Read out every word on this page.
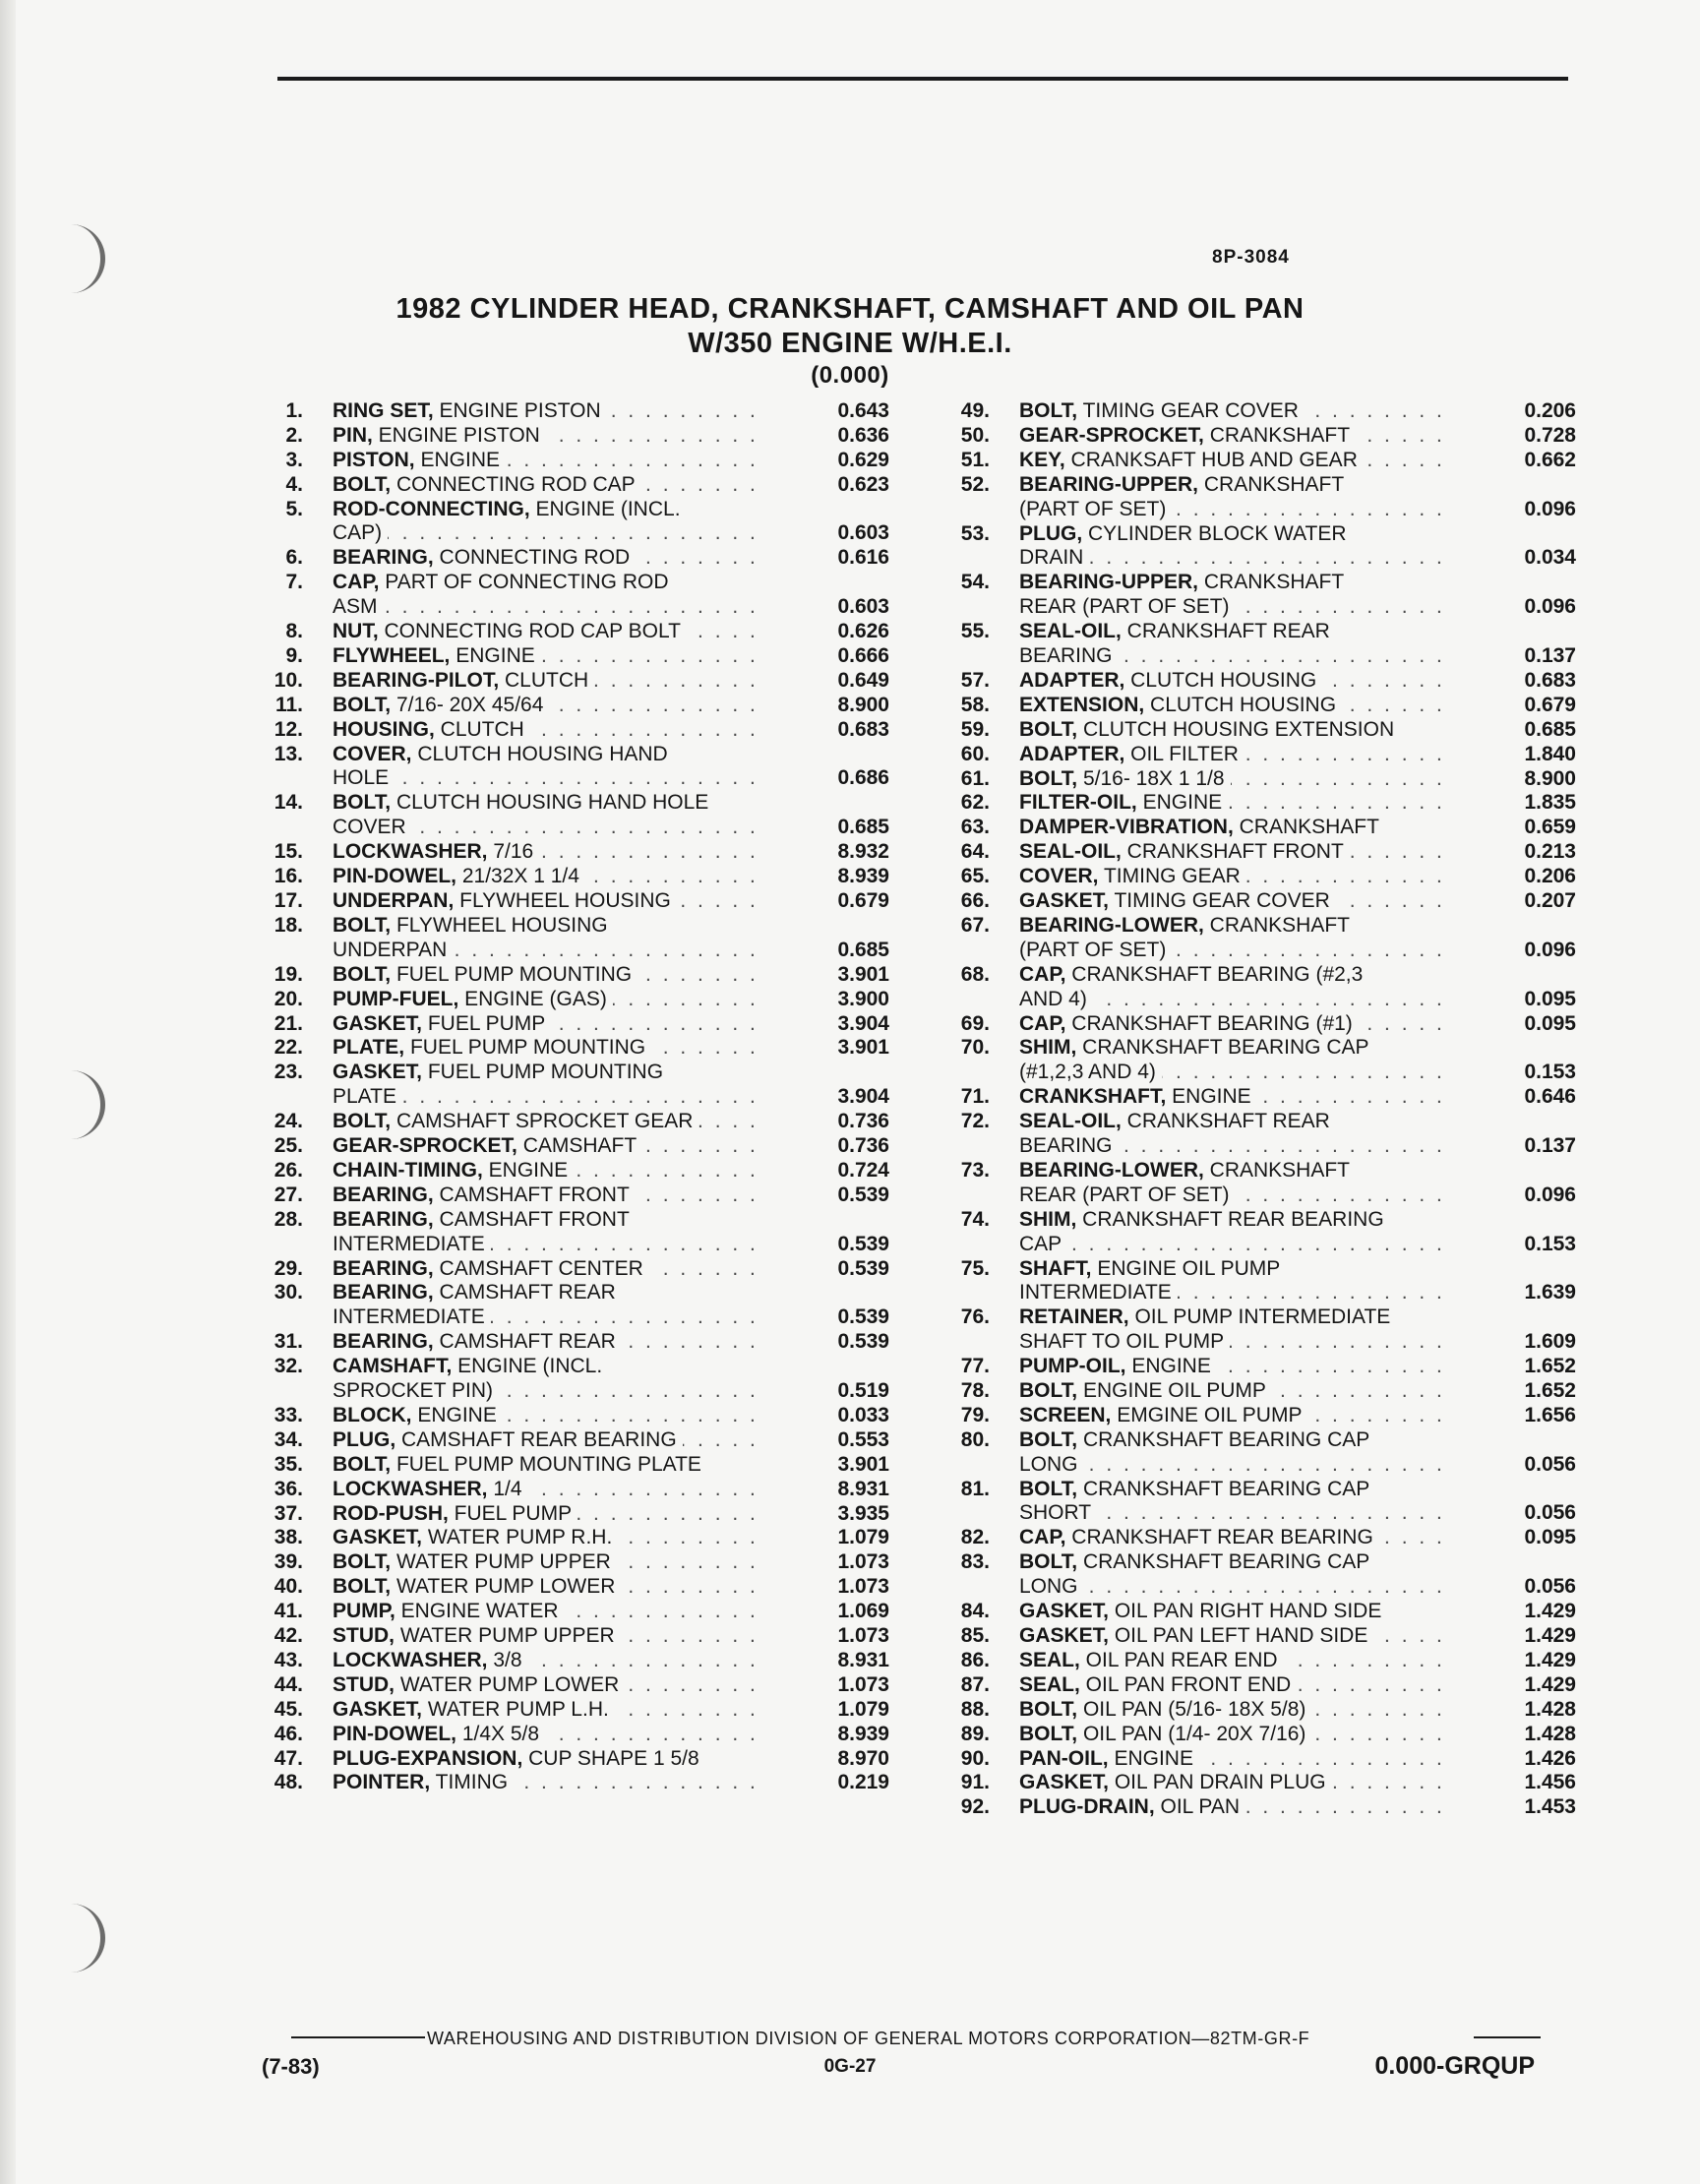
8P-3084
1982 CYLINDER HEAD, CRANKSHAFT, CAMSHAFT AND OIL PAN
W/350 ENGINE W/H.E.I.
(0.000)
1. . . . RING SET, ENGINE PISTON	0.643
2. . . . PIN, ENGINE PISTON	0.636
3. . . . PISTON, ENGINE	0.629
4. . . . BOLT, CONNECTING ROD CAP	0.623
5. ROD-CONNECTING, ENGINE (INCL.
. . . CAP)	0.603
6. . . . BEARING, CONNECTING ROD	0.616
7. CAP, PART OF CONNECTING ROD
. . . ASM	0.603
8. . . . NUT, CONNECTING ROD CAP BOLT	0.626
9. . . . FLYWHEEL, ENGINE	0.666
10. . . . BEARING-PILOT, CLUTCH	0.649
11. . . . BOLT, 7/16- 20X 45/64	8.900
12. . . . HOUSING, CLUTCH	0.683
13. COVER, CLUTCH HOUSING HAND
. . . HOLE	0.686
14. BOLT, CLUTCH HOUSING HAND HOLE
. . . COVER	0.685
15. . . . LOCKWASHER, 7/16	8.932
16. . . . PIN-DOWEL, 21/32X 1 1/4	8.939
17. . . . UNDERPAN, FLYWHEEL HOUSING	0.679
18. BOLT, FLYWHEEL HOUSING
. . . UNDERPAN	0.685
19. . . . BOLT, FUEL PUMP MOUNTING	3.901
20. . . . PUMP-FUEL, ENGINE (GAS)	3.900
21. . . . GASKET, FUEL PUMP	3.904
22. . . . PLATE, FUEL PUMP MOUNTING	3.901
23. GASKET, FUEL PUMP MOUNTING
. . . PLATE	3.904
24. . . . BOLT, CAMSHAFT SPROCKET GEAR	0.736
25. . . . GEAR-SPROCKET, CAMSHAFT	0.736
26. . . . CHAIN-TIMING, ENGINE	0.724
27. . . . BEARING, CAMSHAFT FRONT	0.539
28. BEARING, CAMSHAFT FRONT
. . . INTERMEDIATE	0.539
29. . . . BEARING, CAMSHAFT CENTER	0.539
30. BEARING, CAMSHAFT REAR
. . . INTERMEDIATE	0.539
31. . . . BEARING, CAMSHAFT REAR	0.539
32. CAMSHAFT, ENGINE (INCL.
. . . SPROCKET PIN)	0.519
33. . . . BLOCK, ENGINE	0.033
34. . . . PLUG, CAMSHAFT REAR BEARING	0.553
35. BOLT, FUEL PUMP MOUNTING PLATE	3.901
36. . . . LOCKWASHER, 1/4	8.931
37. . . . ROD-PUSH, FUEL PUMP	3.935
38. . . . GASKET, WATER PUMP R.H.	1.079
39. . . . BOLT, WATER PUMP UPPER	1.073
40. . . . BOLT, WATER PUMP LOWER	1.073
41. . . . PUMP, ENGINE WATER	1.069
42. . . . STUD, WATER PUMP UPPER	1.073
43. . . . LOCKWASHER, 3/8	8.931
44. . . . STUD, WATER PUMP LOWER	1.073
45. . . . GASKET, WATER PUMP L.H.	1.079
46. . . . PIN-DOWEL, 1/4X 5/8	8.939
47. PLUG-EXPANSION, CUP SHAPE 1 5/8	8.970
48. . . . POINTER, TIMING	0.219
49. . . . BOLT, TIMING GEAR COVER	0.206
50. . . . GEAR-SPROCKET, CRANKSHAFT	0.728
51. . . . KEY, CRANKSAFT HUB AND GEAR	0.662
52. BEARING-UPPER, CRANKSHAFT
. . . (PART OF SET)	0.096
53. PLUG, CYLINDER BLOCK WATER
. . . DRAIN	0.034
54. BEARING-UPPER, CRANKSHAFT
. . . REAR (PART OF SET)	0.096
55. SEAL-OIL, CRANKSHAFT REAR
. . . BEARING	0.137
57. . . . ADAPTER, CLUTCH HOUSING	0.683
58. . . . EXTENSION, CLUTCH HOUSING	0.679
59. BOLT, CLUTCH HOUSING EXTENSION	0.685
60. . . . ADAPTER, OIL FILTER	1.840
61. . . . BOLT, 5/16- 18X 1 1/8	8.900
62. . . . FILTER-OIL, ENGINE	1.835
63. DAMPER-VIBRATION, CRANKSHAFT	0.659
64. . . . SEAL-OIL, CRANKSHAFT FRONT	0.213
65. . . . COVER, TIMING GEAR	0.206
66. . . . GASKET, TIMING GEAR COVER	0.207
67. BEARING-LOWER, CRANKSHAFT
. . . (PART OF SET)	0.096
68. CAP, CRANKSHAFT BEARING (#2,3
. . . AND 4)	0.095
69. . . . CAP, CRANKSHAFT BEARING (#1)	0.095
70. SHIM, CRANKSHAFT BEARING CAP
. . . (#1,2,3 AND 4)	0.153
71. . . . CRANKSHAFT, ENGINE	0.646
72. SEAL-OIL, CRANKSHAFT REAR
. . . BEARING	0.137
73. BEARING-LOWER, CRANKSHAFT
. . . REAR (PART OF SET)	0.096
74. SHIM, CRANKSHAFT REAR BEARING
. . . CAP	0.153
75. SHAFT, ENGINE OIL PUMP
. . . INTERMEDIATE	1.639
76. RETAINER, OIL PUMP INTERMEDIATE
. . . SHAFT TO OIL PUMP	1.609
77. . . . PUMP-OIL, ENGINE	1.652
78. . . . BOLT, ENGINE OIL PUMP	1.652
79. . . . SCREEN, EMGINE OIL PUMP	1.656
80. BOLT, CRANKSHAFT BEARING CAP
. . . LONG	0.056
81. BOLT, CRANKSHAFT BEARING CAP
. . . SHORT	0.056
82. . . . CAP, CRANKSHAFT REAR BEARING	0.095
83. BOLT, CRANKSHAFT BEARING CAP
. . . LONG	0.056
84. GASKET, OIL PAN RIGHT HAND SIDE	1.429
85. . . . GASKET, OIL PAN LEFT HAND SIDE	1.429
86. . . . SEAL, OIL PAN REAR END	1.429
87. . . . SEAL, OIL PAN FRONT END	1.429
88. . . . BOLT, OIL PAN (5/16- 18X 5/8)	1.428
89. . . . BOLT, OIL PAN (1/4- 20X 7/16)	1.428
90. . . . PAN-OIL, ENGINE	1.426
91. . . . GASKET, OIL PAN DRAIN PLUG	1.456
92. . . . PLUG-DRAIN, OIL PAN	1.453
WAREHOUSING AND DISTRIBUTION DIVISION OF GENERAL MOTORS CORPORATION—82TM-GR-F
(7-83)	0G-27	0.000-GRQUP
